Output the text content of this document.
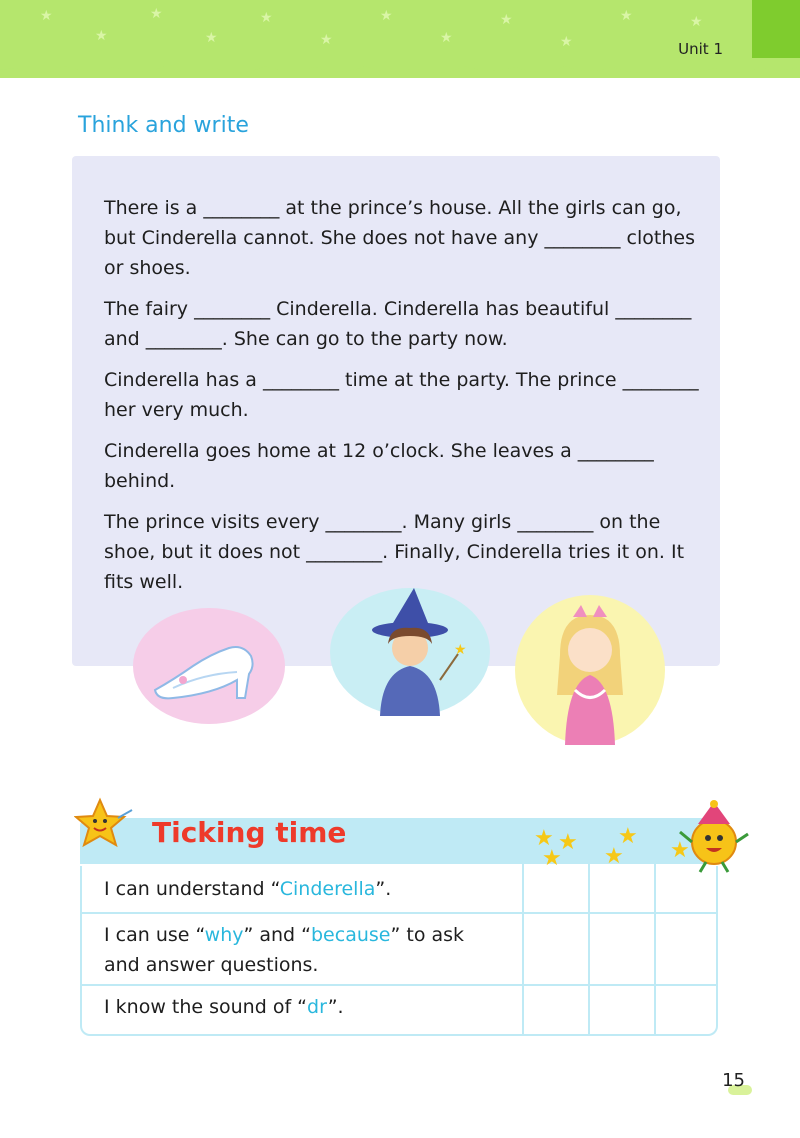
★
★
★
★
★
★
★
★
★
★
★	★
Unit 1
Think and write

There is a ________ at the prince’s house. All the girls can go, but Cinderella cannot. She does not have any ________ clothes or shoes.

The fairy ________ Cinderella. Cinderella has beautiful ________ and ________. She can go to the party now.

Cinderella has a ________ time at the party. The prince ________ her very much.

Cinderella goes home at 12 o’clock. She leaves a ________ behind.

The prince visits every ________. Many girls ________ on the shoe, but it does not ________. Finally, Cinderella tries it on. It fits well.

★
Ticking time	★ ★
★
★
★ ★
I can understand “Cinderella”.
I can use “why” and “because” to ask and answer questions.
I know the sound of “dr”.
15
